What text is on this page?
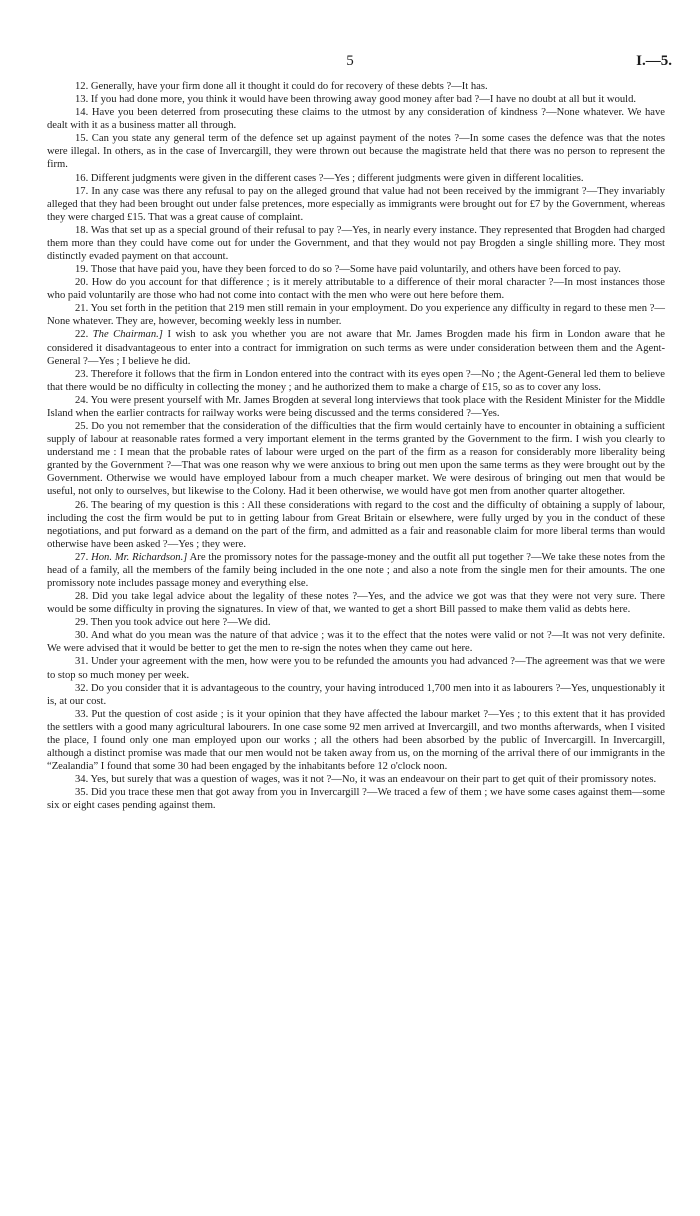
5	I.—5.

12. Generally, have your firm done all it thought it could do for recovery of these debts ?—It has.

13. If you had done more, you think it would have been throwing away good money after bad ?—I have no doubt at all but it would.

14. Have you been deterred from prosecuting these claims to the utmost by any consideration of kindness ?—None whatever. We have dealt with it as a business matter all through.

15. Can you state any general term of the defence set up against payment of the notes ?—In some cases the defence was that the notes were illegal. In others, as in the case of Invercargill, they were thrown out because the magistrate held that there was no person to represent the firm.

16. Different judgments were given in the different cases ?—Yes ; different judgments were given in different localities.

17. In any case was there any refusal to pay on the alleged ground that value had not been received by the immigrant ?—They invariably alleged that they had been brought out under false pretences, more especially as immigrants were brought out for £7 by the Government, whereas they were charged £15. That was a great cause of complaint.

18. Was that set up as a special ground of their refusal to pay ?—Yes, in nearly every instance. They represented that Brogden had charged them more than they could have come out for under the Government, and that they would not pay Brogden a single shilling more. They most distinctly evaded payment on that account.

19. Those that have paid you, have they been forced to do so ?—Some have paid voluntarily, and others have been forced to pay.

20. How do you account for that difference ; is it merely attributable to a difference of their moral character ?—In most instances those who paid voluntarily are those who had not come into contact with the men who were out here before them.

21. You set forth in the petition that 219 men still remain in your employment. Do you experience any difficulty in regard to these men ?—None whatever. They are, however, becoming weekly less in number.

22. The Chairman.] I wish to ask you whether you are not aware that Mr. James Brogden made his firm in London aware that he considered it disadvantageous to enter into a contract for immigration on such terms as were under consideration between them and the Agent-General ?—Yes ; I believe he did.

23. Therefore it follows that the firm in London entered into the contract with its eyes open ?—No ; the Agent-General led them to believe that there would be no difficulty in collecting the money ; and he authorized them to make a charge of £15, so as to cover any loss.

24. You were present yourself with Mr. James Brogden at several long interviews that took place with the Resident Minister for the Middle Island when the earlier contracts for railway works were being discussed and the terms considered ?—Yes.

25. Do you not remember that the consideration of the difficulties that the firm would certainly have to encounter in obtaining a sufficient supply of labour at reasonable rates formed a very important element in the terms granted by the Government to the firm. I wish you clearly to understand me : I mean that the probable rates of labour were urged on the part of the firm as a reason for considerably more liberality being granted by the Government ?—That was one reason why we were anxious to bring out men upon the same terms as they were brought out by the Government. Otherwise we would have employed labour from a much cheaper market. We were desirous of bringing out men that would be useful, not only to ourselves, but likewise to the Colony. Had it been otherwise, we would have got men from another quarter altogether.

26. The bearing of my question is this : All these considerations with regard to the cost and the difficulty of obtaining a supply of labour, including the cost the firm would be put to in getting labour from Great Britain or elsewhere, were fully urged by you in the conduct of these negotiations, and put forward as a demand on the part of the firm, and admitted as a fair and reasonable claim for more liberal terms than would otherwise have been asked ?—Yes ; they were.

27. Hon. Mr. Richardson.] Are the promissory notes for the passage-money and the outfit all put together ?—We take these notes from the head of a family, all the members of the family being included in the one note ; and also a note from the single men for their amounts. The one promissory note includes passage money and everything else.

28. Did you take legal advice about the legality of these notes ?—Yes, and the advice we got was that they were not very sure. There would be some difficulty in proving the signatures. In view of that, we wanted to get a short Bill passed to make them valid as debts here.

29. Then you took advice out here ?—We did.

30. And what do you mean was the nature of that advice ; was it to the effect that the notes were valid or not ?—It was not very definite. We were advised that it would be better to get the men to re-sign the notes when they came out here.

31. Under your agreement with the men, how were you to be refunded the amounts you had advanced ?—The agreement was that we were to stop so much money per week.

32. Do you consider that it is advantageous to the country, your having introduced 1,700 men into it as labourers ?—Yes, unquestionably it is, at our cost.

33. Put the question of cost aside ; is it your opinion that they have affected the labour market ?—Yes ; to this extent that it has provided the settlers with a good many agricultural labourers. In one case some 92 men arrived at Invercargill, and two months afterwards, when I visited the place, I found only one man employed upon our works ; all the others had been absorbed by the public of Invercargill. In Invercargill, although a distinct promise was made that our men would not be taken away from us, on the morning of the arrival there of our immigrants in the “Zealandia” I found that some 30 had been engaged by the inhabitants before 12 o'clock noon.

34. Yes, but surely that was a question of wages, was it not ?—No, it was an endeavour on their part to get quit of their promissory notes.

35. Did you trace these men that got away from you in Invercargill ?—We traced a few of them ; we have some cases against them—some six or eight cases pending against them.
